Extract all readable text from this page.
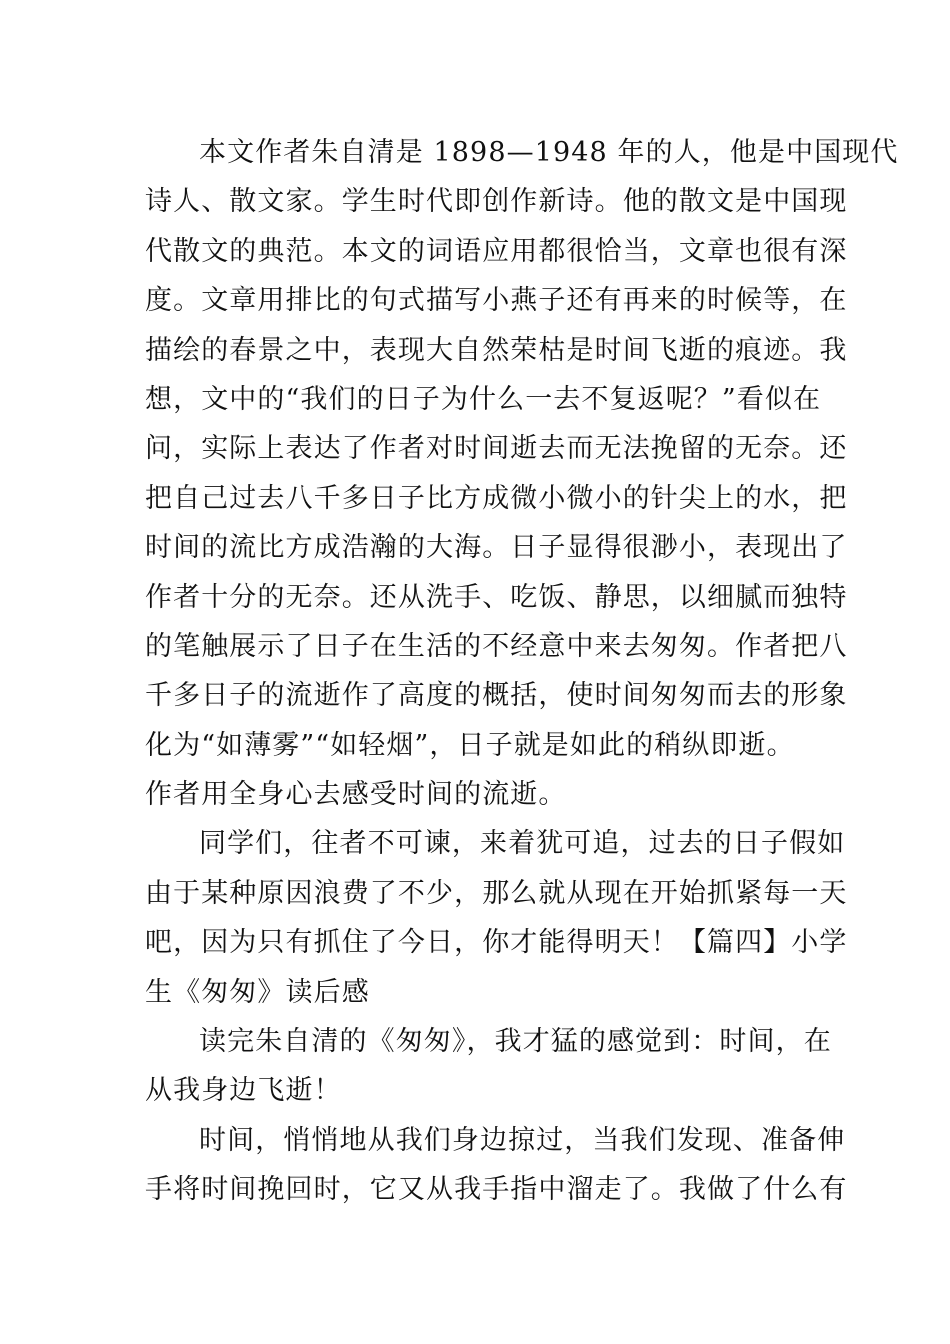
本文作者朱自清是 1898—1948 年的人，他是中国现代
诗人、散文家。学生时代即创作新诗。他的散文是中国现
代散文的典范。本文的词语应用都很恰当，文章也很有深
度。文章用排比的句式描写小燕子还有再来的时候等，在
描绘的春景之中，表现大自然荣枯是时间飞逝的痕迹。我
想，文中的“我们的日子为什么一去不复返呢？”看似在
问，实际上表达了作者对时间逝去而无法挽留的无奈。还
把自己过去八千多日子比方成微小微小的针尖上的水，把
时间的流比方成浩瀚的大海。日子显得很渺小，表现出了
作者十分的无奈。还从洗手、吃饭、静思，以细腻而独特
的笔触展示了日子在生活的不经意中来去匆匆。作者把八
千多日子的流逝作了高度的概括，使时间匆匆而去的形象
化为“如薄雾”“如轻烟”，日子就是如此的稍纵即逝。
作者用全身心去感受时间的流逝。
同学们，往者不可谏，来着犹可追，过去的日子假如
由于某种原因浪费了不少，那么就从现在开始抓紧每一天
吧，因为只有抓住了今日，你才能得明天！【篇四】小学
生《匆匆》读后感
读完朱自清的《匆匆》，我才猛的感觉到：时间，在
从我身边飞逝！
时间，悄悄地从我们身边掠过，当我们发现、准备伸
手将时间挽回时，它又从我手指中溜走了。我做了什么有
